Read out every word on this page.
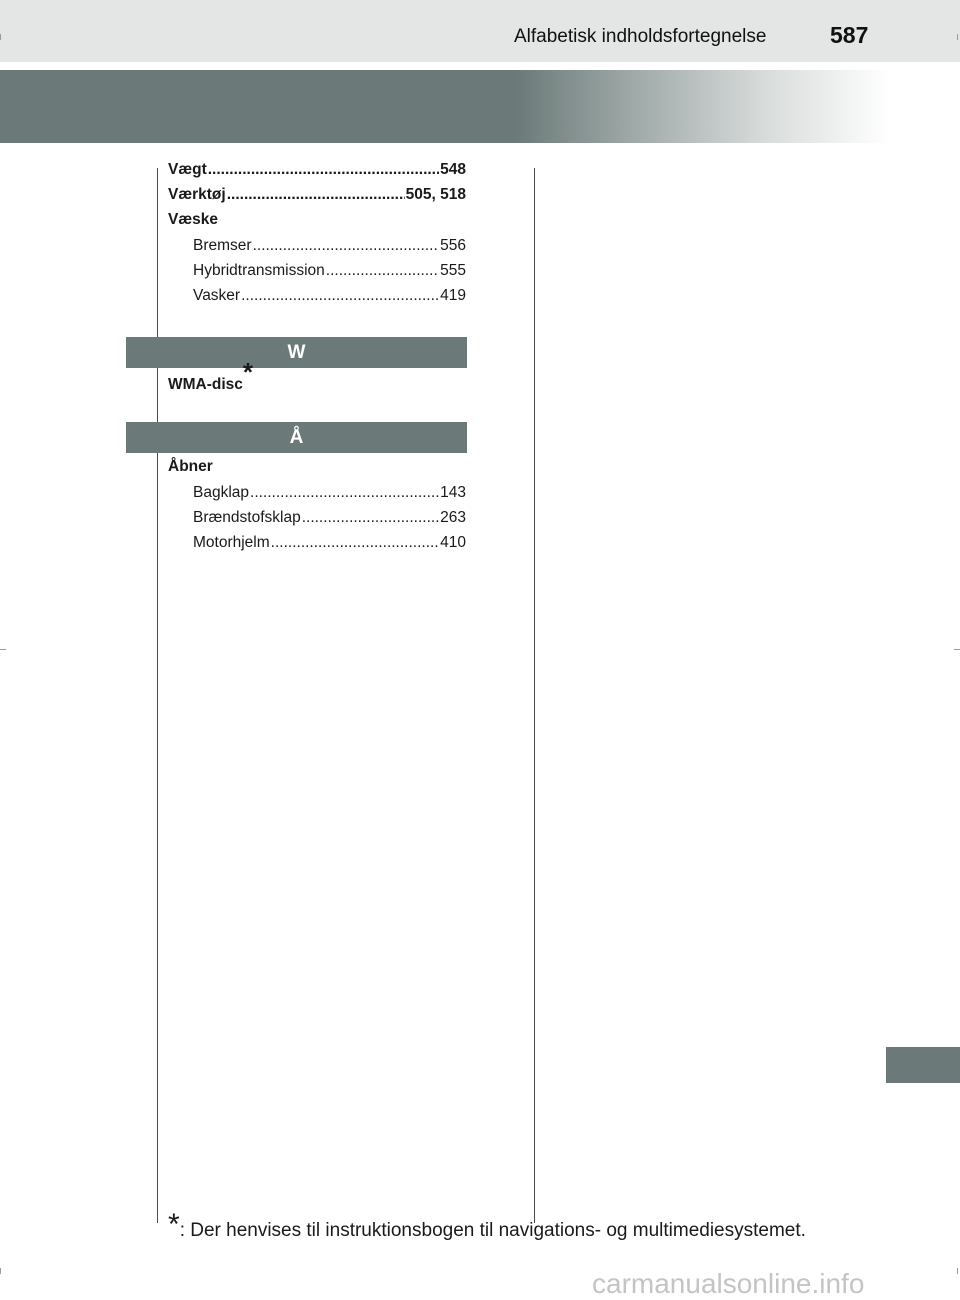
Alfabetisk indholdsfortegnelse	587
Vægt .....	548
Værktøj .....	505, 518
Væske
Bremser .....	556
Hybridtransmission .....	555
Vasker .....	419
W
WMA-disc*
Å
Åbner
Bagklap .....	143
Brændstofsklap .....	263
Motorhjelm .....	410
*: Der henvises til instruktionsbogen til navigations- og multimediesystemet.
carmanualsonline.info
